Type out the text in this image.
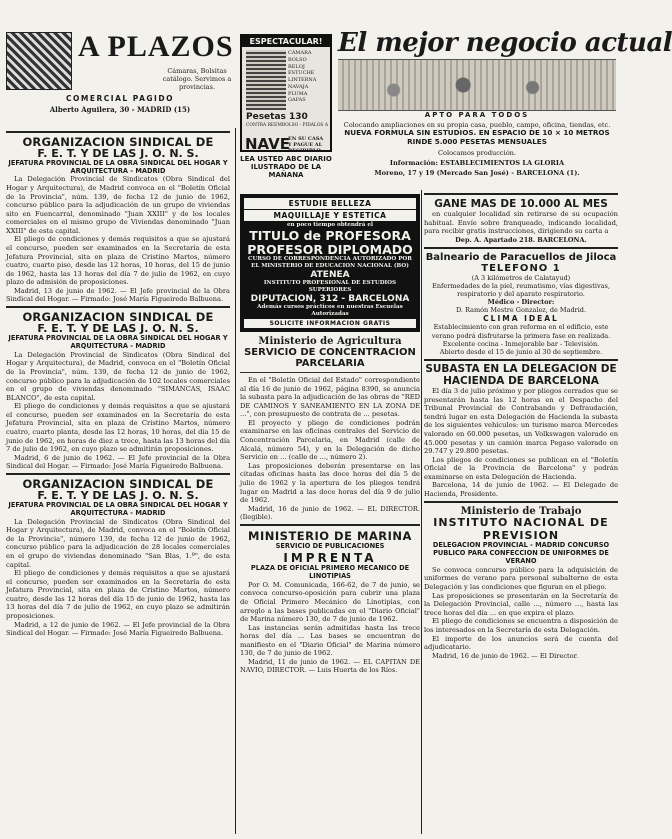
A PLAZOS
Cámaras, Bolsitas catálogo. Servimos a provincias.
COMERCIAL PAGIDO
Alberto Aguilera, 30 - MADRID (15)
ESPECTACULAR!
CÁMARA
BOLSO
RELOJ
ESTUCHE
LINTERNA
NAVAJA
PLUMA
GAFAS
Pesetas 130
CONTRA REEMBOLSO - PIDALOS A
NAVE
EN SU CASA Y PAGUE AL RECIBIRLO
LEA USTED ABC DIARIO ILUSTRADO DE LA MAÑANA
El mejor negocio actual
APTO PARA TODOS
Colocando ampliaciones en su propia casa, pueblo, campo, oficina, tiendas, etc.
NUEVA FORMULA SIN ESTUDIOS. EN ESPACIO DE 10 × 10 METROS RINDE 5.000 PESETAS MENSUALES
Colocamos producción.
Información: ESTABLECIMIENTOS LA GLORIA
Moreno, 17 y 19 (Mercado San José) - BARCELONA (1).
ORGANIZACION SINDICAL DE
F. E. T. Y DE LAS J. O. N. S.
JEFATURA PROVINCIAL DE LA OBRA SINDICAL DEL HOGAR Y ARQUITECTURA - MADRID
La Delegación Provincial de Sindicatos (Obra Sindical del Hogar y Arquitectura), de Madrid convoca en el "Boletín Oficial de la Provincia", núm. 139, de fecha 12 de junio de 1962, concurso público para la adjudicación de un grupo de viviendas sito en Fuencarral, denominado "Juan XXIII" y de los locales comerciales en el mismo grupo de Viviendas denominado "Juan XXIII" de esta capital.
El pliego de condiciones y demás requisitos a que se ajustará el concurso, pueden ser examinados en la Secretaría de esta Jefatura Provincial, sita en plaza de Cristino Martos, número cuatro, cuarto piso, desde las 12 horas, 10 horas, del 15 de junio de 1962, hasta las 13 horas del día 7 de julio de 1962, en cuyo plazo de admisión de proposiciones.
Madrid, 13 de junio de 1962. — El Jefe provincial de la Obra Sindical del Hogar. — Firmado: José María Figueiredo Balbuena.
ORGANIZACION SINDICAL DE
F. E. T. Y DE LAS J. O. N. S.
JEFATURA PROVINCIAL DE LA OBRA SINDICAL DEL HOGAR Y ARQUITECTURA - MADRID
La Delegación Provincial de Sindicatos (Obra Sindical del Hogar y Arquitectura), de Madrid, convoca en el "Boletín Oficial de la Provincia", núm. 139, de fecha 12 de junio de 1962, concurso público para la adjudicación de 102 locales comerciales en el grupo de viviendas denominado "SIMANCAS, ISAAC BLANCO", de esta capital.
El pliego de condiciones y demás requisitos a que se ajustará el concurso, pueden ser examinados en la Secretaría de esta Jefatura Provincial, sita en plaza de Cristino Martos, número cuatro, cuarto planta, desde las 12 horas, 10 horas, del día 15 de junio de 1962, en horas de diez a trece, hasta las 13 horas del día 7 de julio de 1962, en cuyo plazo se admitirán proposiciones.
Madrid, 6 de junio de 1962. — El Jefe provincial de la Obra Sindical del Hogar. — Firmado: José María Figueiredo Balbuena.
ORGANIZACION SINDICAL DE
F. E. T. Y DE LAS J. O. N. S.
JEFATURA PROVINCIAL DE LA OBRA SINDICAL DEL HOGAR Y ARQUITECTURA - MADRID
La Delegación Provincial de Sindicatos (Obra Sindical del Hogar y Arquitectura), de Madrid, convoca en el "Boletín Oficial de la Provincia", número 139, de fecha 12 de junio de 1962, concurso público para la adjudicación de 28 locales comerciales en el grupo de viviendas denominado "San Blas, 1.º", de esta capital.
El pliego de condiciones y demás requisitos a que se ajustará el concurso, pueden ser examinados en la Secretaría de esta Jefatura Provincial, sita en plaza de Cristino Martos, número cuatro, desde las 12 horas del día 15 de junio de 1962, hasta las 13 horas del día 7 de julio de 1962, en cuyo plazo se admitirán proposiciones.
Madrid, a 12 de junio de 1962. — El Jefe provincial de la Obra Sindical del Hogar. — Firmado: José María Figueiredo Balbuena.
ESTUDIE BELLEZA
MAQUILLAJE Y ESTETICA
en poco tiempo obtendrá el
TITULO de PROFESORA
PROFESOR DIPLOMADO
CURSO DE CORRESPONDENCIA AUTORIZADO POR EL MINISTERIO DE EDUCACION NACIONAL (BO)
ATENEA
INSTITUTO PROFESIONAL DE ESTUDIOS SUPERIORES
DIPUTACION, 312 - BARCELONA
Además cursos prácticos en nuestras Escuelas Autorizadas
SOLICITE INFORMACION GRATIS
Ministerio de Agricultura
SERVICIO DE CONCENTRACION PARCELARIA
En el "Boletín Oficial del Estado" correspondiente al día 16 de junio de 1962, página 8390, se anuncia la subasta para la adjudicación de las obras de "RED DE CAMINOS Y SANEAMIENTO EN LA ZONA DE ...", con presupuesto de contrata de ... pesetas.
El proyecto y pliego de condiciones podrán examinarse en las oficinas centrales del Servicio de Concentración Parcelaria, en Madrid (calle de Alcalá, número 54), y en la Delegación de dicho Servicio en ... (calle de ..., número 2).
Las proposiciones deberán presentarse en las citadas oficinas hasta las doce horas del día 5 de julio de 1962 y la apertura de los pliegos tendrá lugar en Madrid a las doce horas del día 9 de julio de 1962.
Madrid, 16 de junio de 1962. — EL DIRECTOR. (Ilegible).
MINISTERIO DE MARINA
SERVICIO DE PUBLICACIONES
IMPRENTA
PLAZA DE OFICIAL PRIMERO MECANICO DE LINOTIPIAS
Por O. M. Comunicada, 166-62, de 7 de junio, se convoca concurso-oposición para cubrir una plaza de Oficial Primero Mecánico de Linotipias, con arreglo a las bases publicadas en el "Diario Oficial" de Marina número 130, de 7 de junio de 1962.
Las instancias serán admitidas hasta las trece horas del día ... Las bases se encuentran de manifiesto en el "Diario Oficial" de Marina número 130, de 7 de junio de 1962.
Madrid, 11 de junio de 1962. — EL CAPITAN DE NAVIO, DIRECTOR. — Luis Huerta de los Ríos.
GANE MAS DE 10.000 AL MES
en cualquier localidad sin retirarse de su ocupación habitual. Envíe sobre franqueado, indicando localidad, para recibir gratis instrucciones, dirigiendo su carta a
Dep. A. Apartado 218. BARCELONA.
Balneario de Paracuellos de Jiloca
TELEFONO 1
(A 3 kilómetros de Calatayud)
Enfermedades de la piel, reumatismo, vías digestivas, respiratorio y del aparato respiratorio.
Médico - Director:
D. Ramón Mestre Gonzalez, de Madrid.
CLIMA IDEAL
Establecimiento con gran reforma en el edificio, este verano podrá disfrutarse la primera fase en realizada.
Excelente cocina - Inmejorable bar - Televisión.
Abierto desde el 15 de junio al 30 de septiembre.
SUBASTA EN LA DELEGACION DE HACIENDA DE BARCELONA
El día 3 de julio próximo y por pliegos cerrados que se presentarán hasta las 12 horas en el Despacho del Tribunal Provincial de Contrabando y Defraudación, tendrá lugar en esta Delegación de Hacienda la subasta de los siguientes vehículos: un turismo marca Mercedes valorado en 60.000 pesetas, un Volkswagen valorado en 45.000 pesetas y un camión marca Pegaso valorado en 29.747 y 29.800 pesetas.
Los pliegos de condiciones se publican en el "Boletín Oficial de la Provincia de Barcelona" y podrán examinarse en esta Delegación de Hacienda.
Barcelona, 14 de junio de 1962. — El Delegado de Hacienda, Presidente.
Ministerio de Trabajo
INSTITUTO NACIONAL DE PREVISION
DELEGACION PROVINCIAL - MADRID CONCURSO PUBLICO PARA CONFECCION DE UNIFORMES DE VERANO
Se convoca concurso público para la adquisición de uniformes de verano para personal subalterno de esta Delegación y las condiciones que figuran en el pliego.
Las proposiciones se presentarán en la Secretaría de la Delegación Provincial, calle ..., número ..., hasta las trece horas del día ... en que expira el plazo.
El pliego de condiciones se encuentra a disposición de los interesados en la Secretaría de esta Delegación.
El importe de los anuncios será de cuenta del adjudicatario.
Madrid, 16 de junio de 1962. — El Director.
